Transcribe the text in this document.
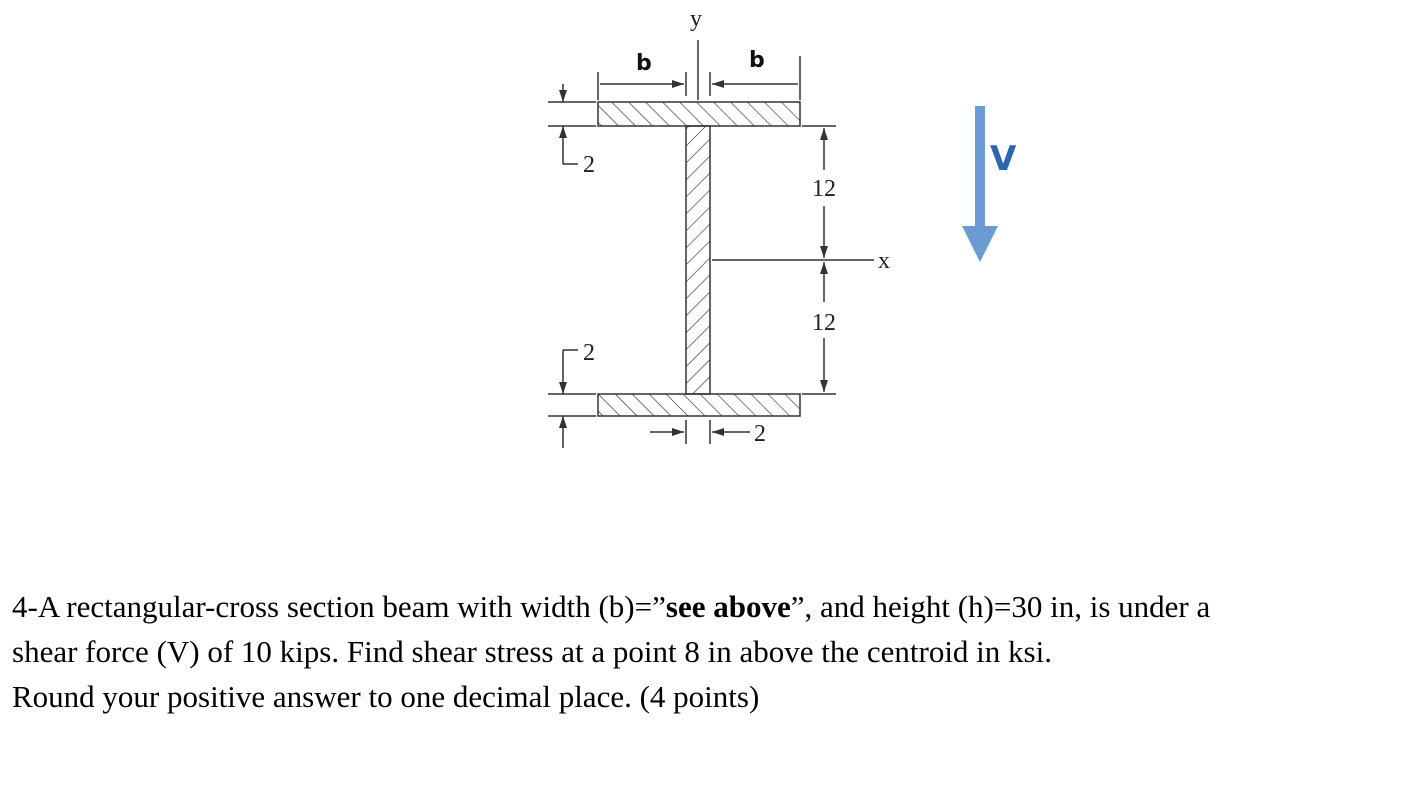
y
b	b
2
2
12
12
x
2
V

4-A rectangular-cross section beam with width (b)=”see above”, and height (h)=30 in, is under a

shear force (V) of 10 kips. Find shear stress at a point 8 in above the centroid in ksi.

Round your positive answer to one decimal place. (4 points)
